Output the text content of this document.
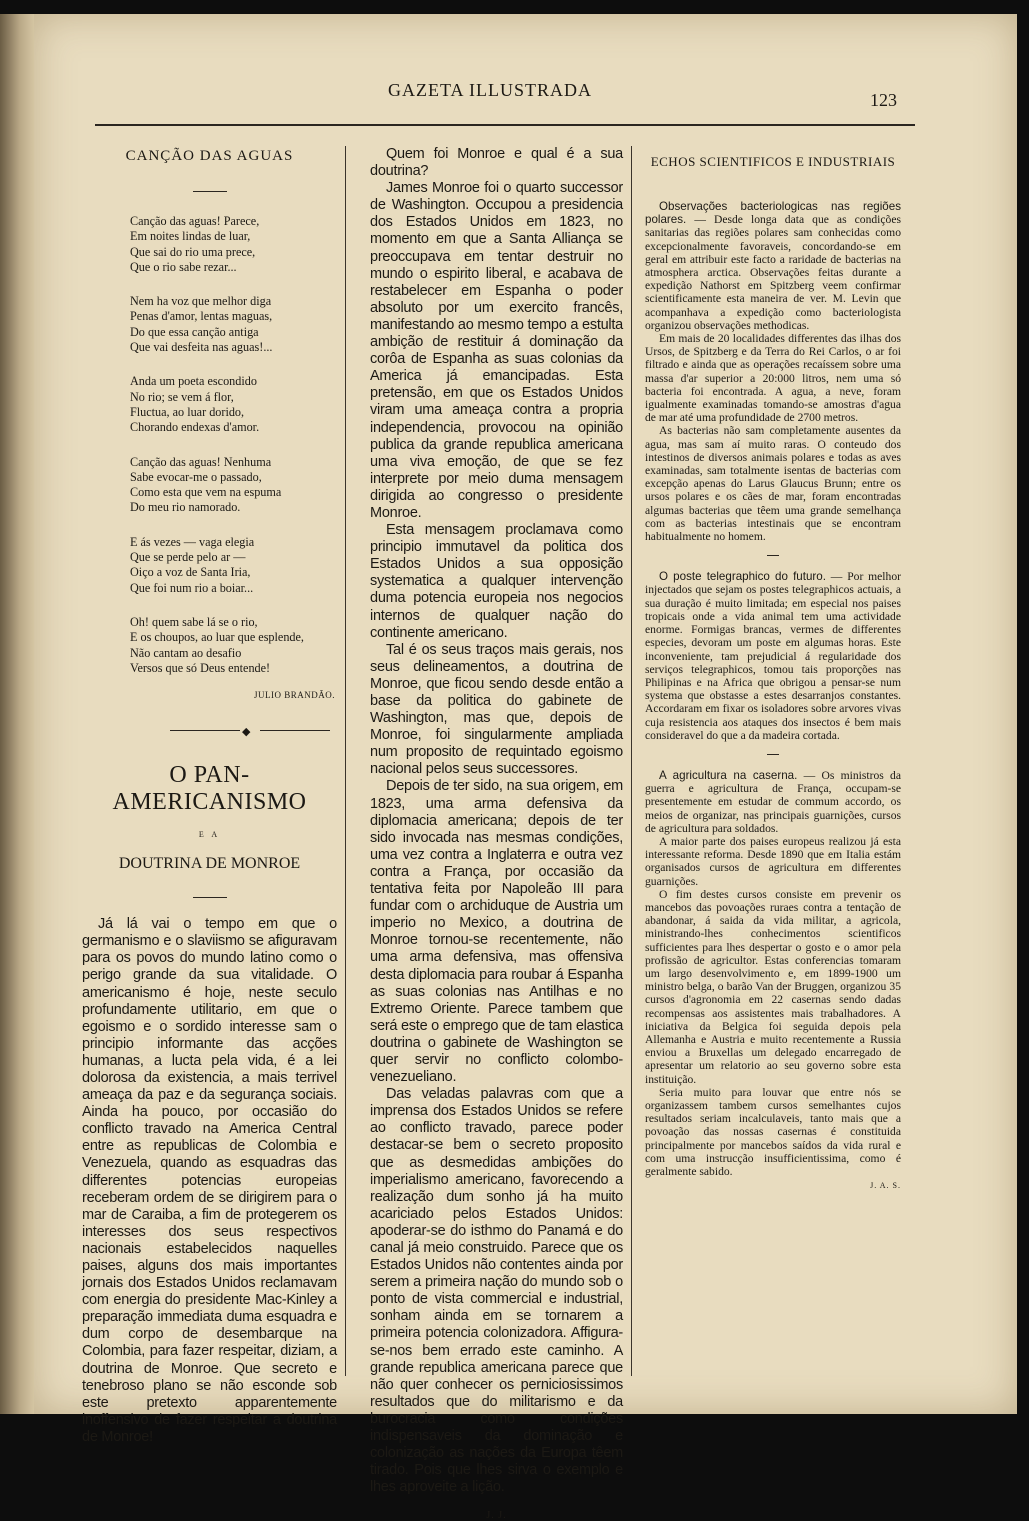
GAZETA ILLUSTRADA	123
CANÇÃO DAS AGUAS
Canção das aguas! Parece,
Em noites lindas de luar,
Que sai do rio uma prece,
Que o rio sabe rezar...
Nem ha voz que melhor diga
Penas d'amor, lentas maguas,
Do que essa canção antiga
Que vai desfeita nas aguas!...
Anda um poeta escondido
No rio; se vem á flor,
Fluctua, ao luar dorido,
Chorando endexas d'amor.
Canção das aguas! Nenhuma
Sabe evocar-me o passado,
Como esta que vem na espuma
Do meu rio namorado.
E ás vezes — vaga elegia
Que se perde pelo ar —
Oiço a voz de Santa Iria,
Que foi num rio a boiar...
Oh! quem sabe lá se o rio,
E os choupos, ao luar que esplende,
Não cantam ao desafio
Versos que só Deus entende!
JULIO BRANDÃO.
◆
O PAN-AMERICANISMO
E A
DOUTRINA DE MONROE

Já lá vai o tempo em que o germanismo e o slaviismo se afiguravam para os povos do mundo latino como o perigo grande da sua vitalidade. O americanismo é hoje, neste seculo profundamente utilitario, em que o egoismo e o sordido interesse sam o principio informante das acções humanas, a lucta pela vida, é a lei dolorosa da existencia, a mais terrivel ameaça da paz e da segurança sociais. Ainda ha pouco, por occasião do conflicto travado na America Central entre as republicas de Colombia e Venezuela, quando as esquadras das differentes potencias europeias receberam ordem de se dirigirem para o mar de Caraiba, a fim de protegerem os interesses dos seus respectivos nacionais estabelecidos naquelles paises, alguns dos mais importantes jornais dos Estados Unidos reclamavam com energia do presidente Mac-Kinley a preparação immediata duma esquadra e dum corpo de desembarque na Colombia, para fazer respeitar, diziam, a doutrina de Monroe. Que secreto e tenebroso plano se não esconde sob este pretexto apparentemente inoffensivo de fazer respeitar a doutrina de Monroe!

Quem foi Monroe e qual é a sua doutrina?

James Monroe foi o quarto successor de Washington. Occupou a presidencia dos Estados Unidos em 1823, no momento em que a Santa Alliança se preoccupava em tentar destruir no mundo o espirito liberal, e acabava de restabelecer em Espanha o poder absoluto por um exercito francês, manifestando ao mesmo tempo a estulta ambição de restituir á dominação da corôa de Espanha as suas colonias da America já emancipadas. Esta pretensão, em que os Estados Unidos viram uma ameaça contra a propria independencia, provocou na opinião publica da grande republica americana uma viva emoção, de que se fez interprete por meio duma mensagem dirigida ao congresso o presidente Monroe.

Esta mensagem proclamava como principio immutavel da politica dos Estados Unidos a sua opposição systematica a qualquer intervenção duma potencia europeia nos negocios internos de qualquer nação do continente americano.

Tal é os seus traços mais gerais, nos seus delineamentos, a doutrina de Monroe, que ficou sendo desde então a base da politica do gabinete de Washington, mas que, depois de Monroe, foi singularmente ampliada num proposito de requintado egoismo nacional pelos seus successores.

Depois de ter sido, na sua origem, em 1823, uma arma defensiva da diplomacia americana; depois de ter sido invocada nas mesmas condições, uma vez contra a Inglaterra e outra vez contra a França, por occasião da tentativa feita por Napoleão III para fundar com o archiduque de Austria um imperio no Mexico, a doutrina de Monroe tornou-se recentemente, não uma arma defensiva, mas offensiva desta diplomacia para roubar á Espanha as suas colonias nas Antilhas e no Extremo Oriente. Parece tambem que será este o emprego que de tam elastica doutrina o gabinete de Washington se quer servir no conflicto colombo-venezueliano.

Das veladas palavras com que a imprensa dos Estados Unidos se refere ao conflicto travado, parece poder destacar-se bem o secreto proposito que as desmedidas ambições do imperialismo americano, favorecendo a realização dum sonho já ha muito acariciado pelos Estados Unidos: apoderar-se do isthmo do Panamá e do canal já meio construido. Parece que os Estados Unidos não contentes ainda por serem a primeira nação do mundo sob o ponto de vista commercial e industrial, sonham ainda em se tornarem a primeira potencia colonizadora. Affigura-se-nos bem errado este caminho. A grande republica americana parece que não quer conhecer os perniciosissimos resultados que do militarismo e da burocracia como condições indispensaveis da dominação e colonização as nações da Europa têem tirado. Pois que lhes sirva o exemplo e lhes aproveite a lição.

J. J.
ECHOS SCIENTIFICOS E INDUSTRIAIS

Observações bacteriologicas nas regiões polares. — Desde longa data que as condições sanitarias das regiões polares sam conhecidas como excepcionalmente favoraveis, concordando-se em geral em attribuir este facto a raridade de bacterias na atmosphera arctica. Observações feitas durante a expedição Nathorst em Spitzberg veem confirmar scientificamente esta maneira de ver. M. Levin que acompanhava a expedição como bacteriologista organizou observações methodicas.

Em mais de 20 localidades differentes das ilhas dos Ursos, de Spitzberg e da Terra do Rei Carlos, o ar foi filtrado e ainda que as operações recaíssem sobre uma massa d'ar superior a 20:000 litros, nem uma só bacteria foi encontrada. A agua, a neve, foram igualmente examinadas tomando-se amostras d'agua de mar até uma profundidade de 2700 metros.

As bacterias não sam completamente ausentes da agua, mas sam aí muito raras. O conteudo dos intestinos de diversos animais polares e todas as aves examinadas, sam totalmente isentas de bacterias com excepção apenas do Larus Glaucus Brunn; entre os ursos polares e os cães de mar, foram encontradas algumas bacterias que têem uma grande semelhança com as bacterias intestinais que se encontram habitualmente no homem.

O poste telegraphico do futuro. — Por melhor injectados que sejam os postes telegraphicos actuais, a sua duração é muito limitada; em especial nos paises tropicais onde a vida animal tem uma actividade enorme. Formigas brancas, vermes de differentes especies, devoram um poste em algumas horas. Este inconveniente, tam prejudicial á regularidade dos serviços telegraphicos, tomou tais proporções nas Philipinas e na Africa que obrigou a pensar-se num systema que obstasse a estes desarranjos constantes. Accordaram em fixar os isoladores sobre arvores vivas cuja resistencia aos ataques dos insectos é bem mais consideravel do que a da madeira cortada.

A agricultura na caserna. — Os ministros da guerra e agricultura de França, occupam-se presentemente em estudar de commum accordo, os meios de organizar, nas principais guarnições, cursos de agricultura para soldados.

A maior parte dos paises europeus realizou já esta interessante reforma. Desde 1890 que em Italia estám organisados cursos de agricultura em differentes guarnições.

O fim destes cursos consiste em prevenir os mancebos das povoações ruraes contra a tentação de abandonar, á saida da vida militar, a agricola, ministrando-lhes conhecimentos scientificos sufficientes para lhes despertar o gosto e o amor pela profissão de agricultor. Estas conferencias tomaram um largo desenvolvimento e, em 1899-1900 um ministro belga, o barão Van der Bruggen, organizou 35 cursos d'agronomia em 22 casernas sendo dadas recompensas aos assistentes mais trabalhadores. A iniciativa da Belgica foi seguida depois pela Allemanha e Austria e muito recentemente a Russia enviou a Bruxellas um delegado encarregado de apresentar um relatorio ao seu governo sobre esta instituição.

Seria muito para louvar que entre nós se organizassem tambem cursos semelhantes cujos resultados seriam incalculaveis, tanto mais que a povoação das nossas casernas é constituida principalmente por mancebos saídos da vida rural e com uma instrucção insufficientissima, como é geralmente sabido.

J. A. S.
